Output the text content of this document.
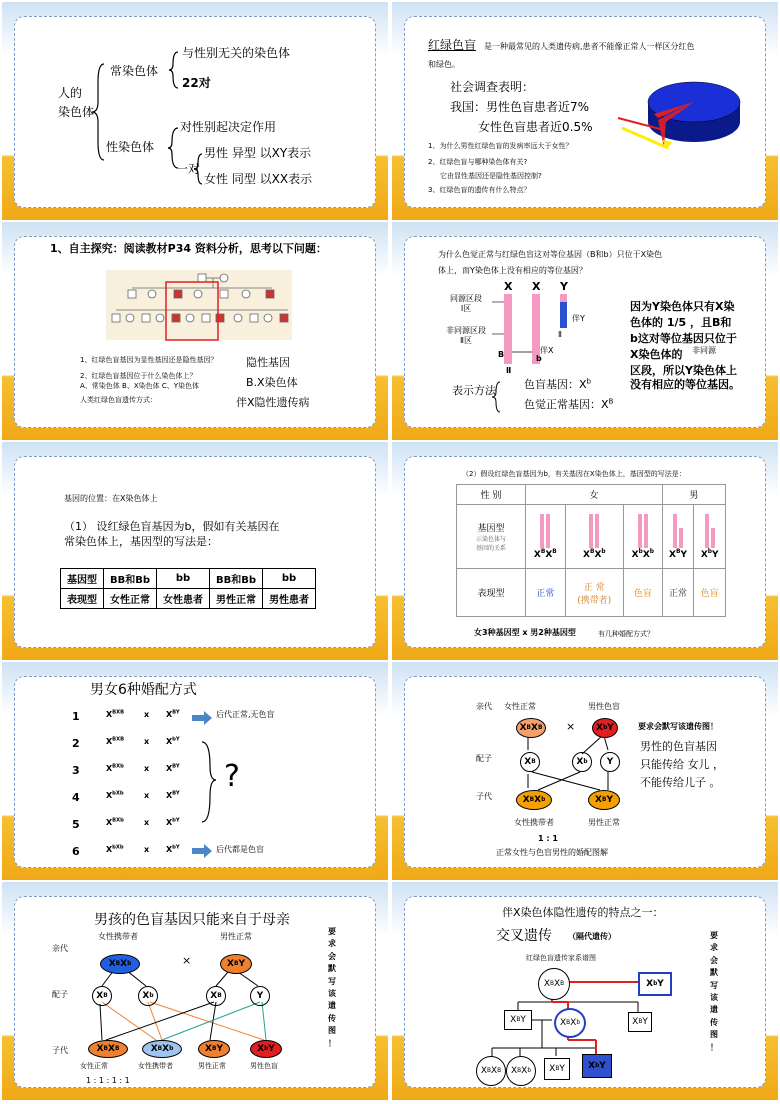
人的
染色体
常染色体
与性别无关的染色体
22对
性染色体
对性别起决定作用
一对
男性 异型 以XY表示
女性 同型 以XX表示
红绿色盲 是一种最常见的人类遗传病,患者不能像正常人一样区分红色
和绿色。
社会调查表明：
我国：男性色盲患者近7%
女性色盲患者近0.5%
1、为什么男性红绿色盲的发病率远大于女性？
2、红绿色盲与哪种染色体有关?
它由显性基因还是隐性基因控制?
3、红绿色盲的遗传有什么特点？
1、自主探究：阅读教材P34 资料分析，思考以下问题：
1、红绿色盲基因为显性基因还是隐性基因？
2、红绿色盲基因位于什么染色体上？
A、常染色体 B、X染色体 C、Y染色体
人类红绿色盲遗传方式：
隐性基因
B.X染色体
伴X隐性遗传病
为什么色觉正常与红绿色盲这对等位基因（B和b）只位于X染色
体上，而Y染色体上没有相应的等位基因？
X X Y
同源区段
Ⅰ区
非同源区段
Ⅱ区
伴Y
Ⅱ
伴X
B	b
Ⅱ
因为Y染色体只有X染
色体的 1/5 ，且B和
b这对等位基因只位于
X染色体的 非同源
区段，所以Y染色体上
没有相应的等位基因。
表示方法	色盲基因：$X^b$
色觉正常基因：$X^B$
基因的位置：在X染色体上
（1） 设红绿色盲基因为b，假如有关基因在
常染色体上，基因型的写法是：
基因型	BB和Bb	bb	BB和Bb	bb
表现型	女性正常	女性患者	男性正常	男性患者
（2）假设红绿色盲基因为b，有关基因在X染色体上，基因型的写法是：
性 别	女			男	

基因型
示染色体与
基因的关系	$X^BX^B$	$X^BX^b$	$X^bX^b$	$X^BY$	$X^bY$
表现型	正常	正 常
(携带者)	色盲	正常	色盲
女3种基因型 x 男2种基因型	有几种婚配方式？
男女6种婚配方式
1	$X^{BXB}$ x $X^{BY}$	后代正常,无色盲
2	$X^{BXB}$ x $X^{bY}$
3	$X^{BXb}$	x $X^{BY}$
4	$X^{bXb}$	x $X^{BY}$
5	$X^{BXb}$	x $X^{bY}$
6	$X^{bXb}$	x $X^{bY}$	后代都是色盲
?
亲代 女性正常	男性色盲
X B X B ×	X b Y
配子	X B	X b	Y
子代	X B X b	X B Y
要求会默写该遗传图！
男性的色盲基因
只能传给 女儿 ，
不能传给儿子 。
女性携带者	男性正常
1 : 1
正常女性与色盲男性的婚配图解
男孩的色盲基因只能来自于母亲
女性携带者	男性正常
亲代
配子
子代
X B X b	×	X B Y
X B	X b	X B	Y
X B X B	X B X b	X B Y	X b Y
女性正常	女性携带者	男性正常	男性色盲
1 : 1 : 1 : 1
要
求
会
默
写
该
遗
传
图
！
伴X染色体隐性遗传的特点之一：
交叉遗传 （隔代遗传）
红绿色盲遗传家系谱图
X B X B	X b Y
X B Y	X B X b	X B Y
X B X B	X B X b	X B Y	X b Y
要
求
会
默
写
该
遗
传
图
！
